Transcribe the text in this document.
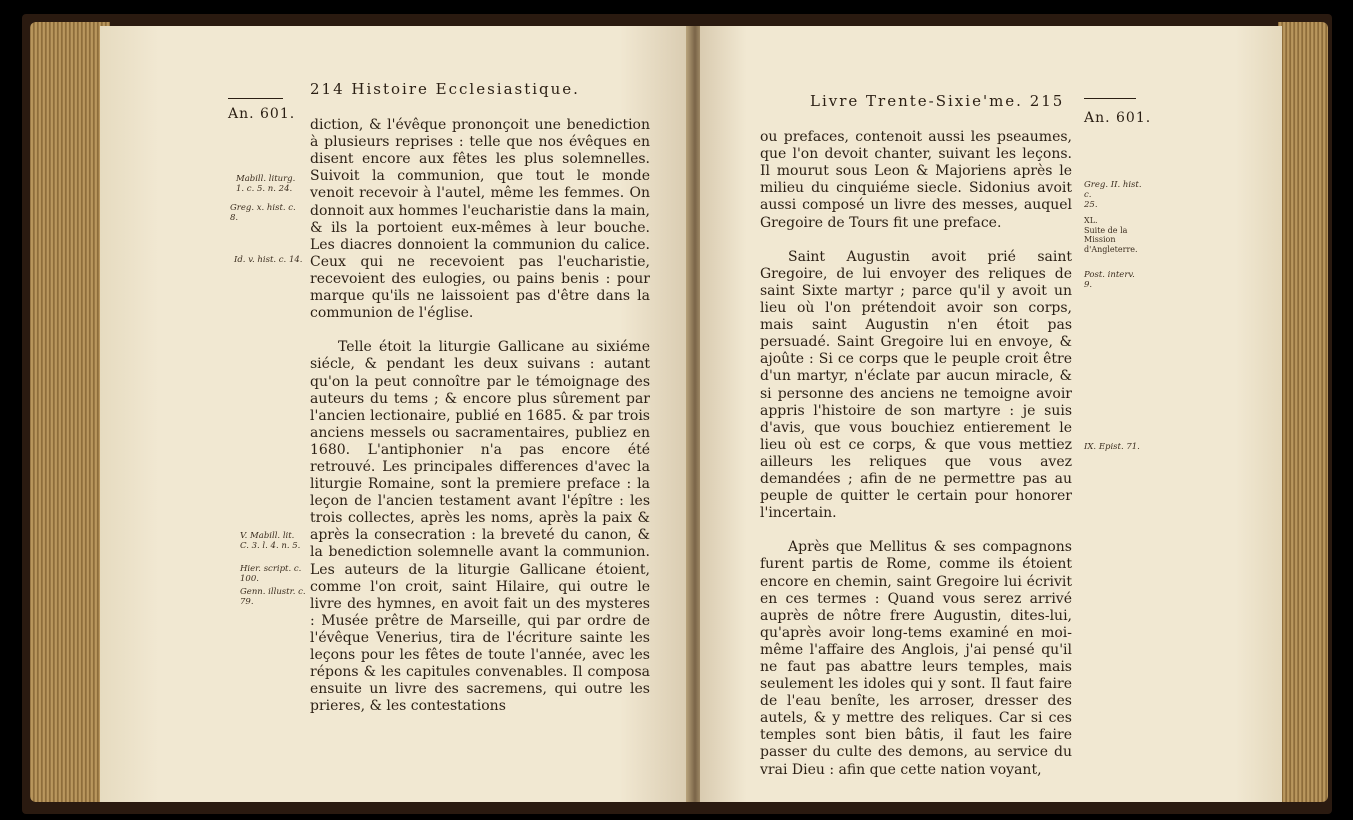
214 Histoire Ecclesiastique.
An. 601.
Mabill. liturg.
1. c. 5. n. 24.
Greg. x. hist. c. 8.
Id. v. hist. c. 14.
V. Mabill. lit.
C. 3. l. 4. n. 5.
Hier. script. c.
100.
Genn. illustr. c.
79.

diction, & l'évêque prononçoit une benediction à plusieurs reprises : telle que nos évêques en disent encore aux fêtes les plus solemnelles. Suivoit la communion, que tout le monde venoit recevoir à l'autel, même les femmes. On donnoit aux hommes l'eucharistie dans la main, & ils la portoient eux-mêmes à leur bouche. Les diacres donnoient la communion du calice. Ceux qui ne recevoient pas l'eucharistie, recevoient des eulogies, ou pains benis : pour marque qu'ils ne laissoient pas d'être dans la communion de l'église.

Telle étoit la liturgie Gallicane au sixiéme siécle, & pendant les deux suivans : autant qu'on la peut connoître par le témoignage des auteurs du tems ; & encore plus sûrement par l'ancien lectionaire, publié en 1685. & par trois anciens messels ou sacramentaires, publiez en 1680. L'antiphonier n'a pas encore été retrouvé. Les principales differences d'avec la liturgie Romaine, sont la premiere preface : la leçon de l'ancien testament avant l'épître : les trois collectes, après les noms, après la paix & après la consecration : la breveté du canon, & la benediction solemnelle avant la communion. Les auteurs de la liturgie Gallicane étoient, comme l'on croit, saint Hilaire, qui outre le livre des hymnes, en avoit fait un des mysteres : Musée prêtre de Marseille, qui par ordre de l'évêque Venerius, tira de l'écriture sainte les leçons pour les fêtes de toute l'année, avec les répons & les capitules convenables. Il composa ensuite un livre des sacremens, qui outre les prieres, & les contestations

Livre Trente-Sixie'me. 215
An. 601.
Greg. II. hist. c.
25.
XL.
Suite de la Mission d'Angleterre.
Post. interv. 9.
IX. Epist. 71.

ou prefaces, contenoit aussi les pseaumes, que l'on devoit chanter, suivant les leçons. Il mourut sous Leon & Majoriens après le milieu du cinquiéme siecle. Sidonius avoit aussi composé un livre des messes, auquel Gregoire de Tours fit une preface.

Saint Augustin avoit prié saint Gregoire, de lui envoyer des reliques de saint Sixte martyr ; parce qu'il y avoit un lieu où l'on prétendoit avoir son corps, mais saint Augustin n'en étoit pas persuadé. Saint Gregoire lui en envoye, & ajoûte : Si ce corps que le peuple croit être d'un martyr, n'éclate par aucun miracle, & si personne des anciens ne temoigne avoir appris l'histoire de son martyre : je suis d'avis, que vous bouchiez entierement le lieu où est ce corps, & que vous mettiez ailleurs les reliques que vous avez demandées ; afin de ne permettre pas au peuple de quitter le certain pour honorer l'incertain.

Après que Mellitus & ses compagnons furent partis de Rome, comme ils étoient encore en chemin, saint Gregoire lui écrivit en ces termes : Quand vous serez arrivé auprès de nôtre frere Augustin, dites-lui, qu'après avoir long-tems examiné en moi-même l'affaire des Anglois, j'ai pensé qu'il ne faut pas abattre leurs temples, mais seulement les idoles qui y sont. Il faut faire de l'eau benîte, les arroser, dresser des autels, & y mettre des reliques. Car si ces temples sont bien bâtis, il faut les faire passer du culte des demons, au service du vrai Dieu : afin que cette nation voyant,
